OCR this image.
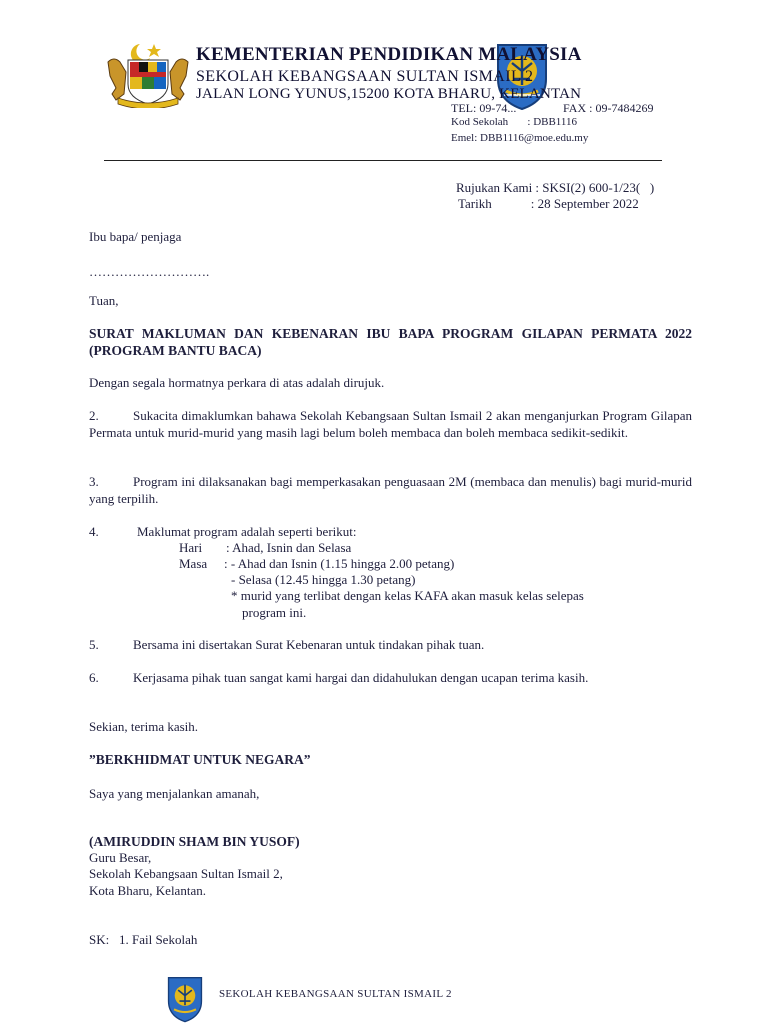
KEMENTERIAN PENDIDIKAN MALAYSIA
SEKOLAH KEBANGSAAN SULTAN ISMAIL 2
JALAN LONG YUNUS,15200 KOTA BHARU, KELANTAN
TEL: 09-74...	FAX : 09-7484269
Kod Sekolah       : DBB1116
Emel: DBB1116@moe.edu.my
Rujukan Kami : SKSI(2) 600-1/23(   )
Tarikh            : 28 September 2022
Ibu bapa/ penjaga
……………………….
Tuan,
SURAT MAKLUMAN DAN KEBENARAN IBU BAPA PROGRAM GILAPAN PERMATA 2022 (PROGRAM BANTU BACA)
Dengan segala hormatnya perkara di atas adalah dirujuk.
2.	Sukacita dimaklumkan bahawa Sekolah Kebangsaan Sultan Ismail 2 akan menganjurkan Program Gilapan Permata untuk murid-murid yang masih lagi belum boleh membaca dan boleh membaca sedikit-sedikit.
3.	Program ini dilaksanakan bagi memperkasakan penguasaan 2M (membaca dan menulis) bagi murid-murid yang terpilih.
4.	Maklumat program adalah seperti berikut:
Hari : Ahad, Isnin dan Selasa
Masa : - Ahad dan Isnin (1.15 hingga 2.00 petang)
- Selasa (12.45 hingga 1.30 petang)
* murid yang terlibat dengan kelas KAFA akan masuk kelas selepas
program ini.
5.	Bersama ini disertakan Surat Kebenaran untuk tindakan pihak tuan.
6.	Kerjasama pihak tuan sangat kami hargai dan didahulukan dengan ucapan terima kasih.
Sekian, terima kasih.
”BERKHIDMAT UNTUK NEGARA”
Saya yang menjalankan amanah,
(AMIRUDDIN SHAM BIN YUSOF)
Guru Besar,
Sekolah Kebangsaan Sultan Ismail 2,
Kota Bharu, Kelantan.
SK:   1. Fail Sekolah
SEKOLAH KEBANGSAAN SULTAN ISMAIL 2
